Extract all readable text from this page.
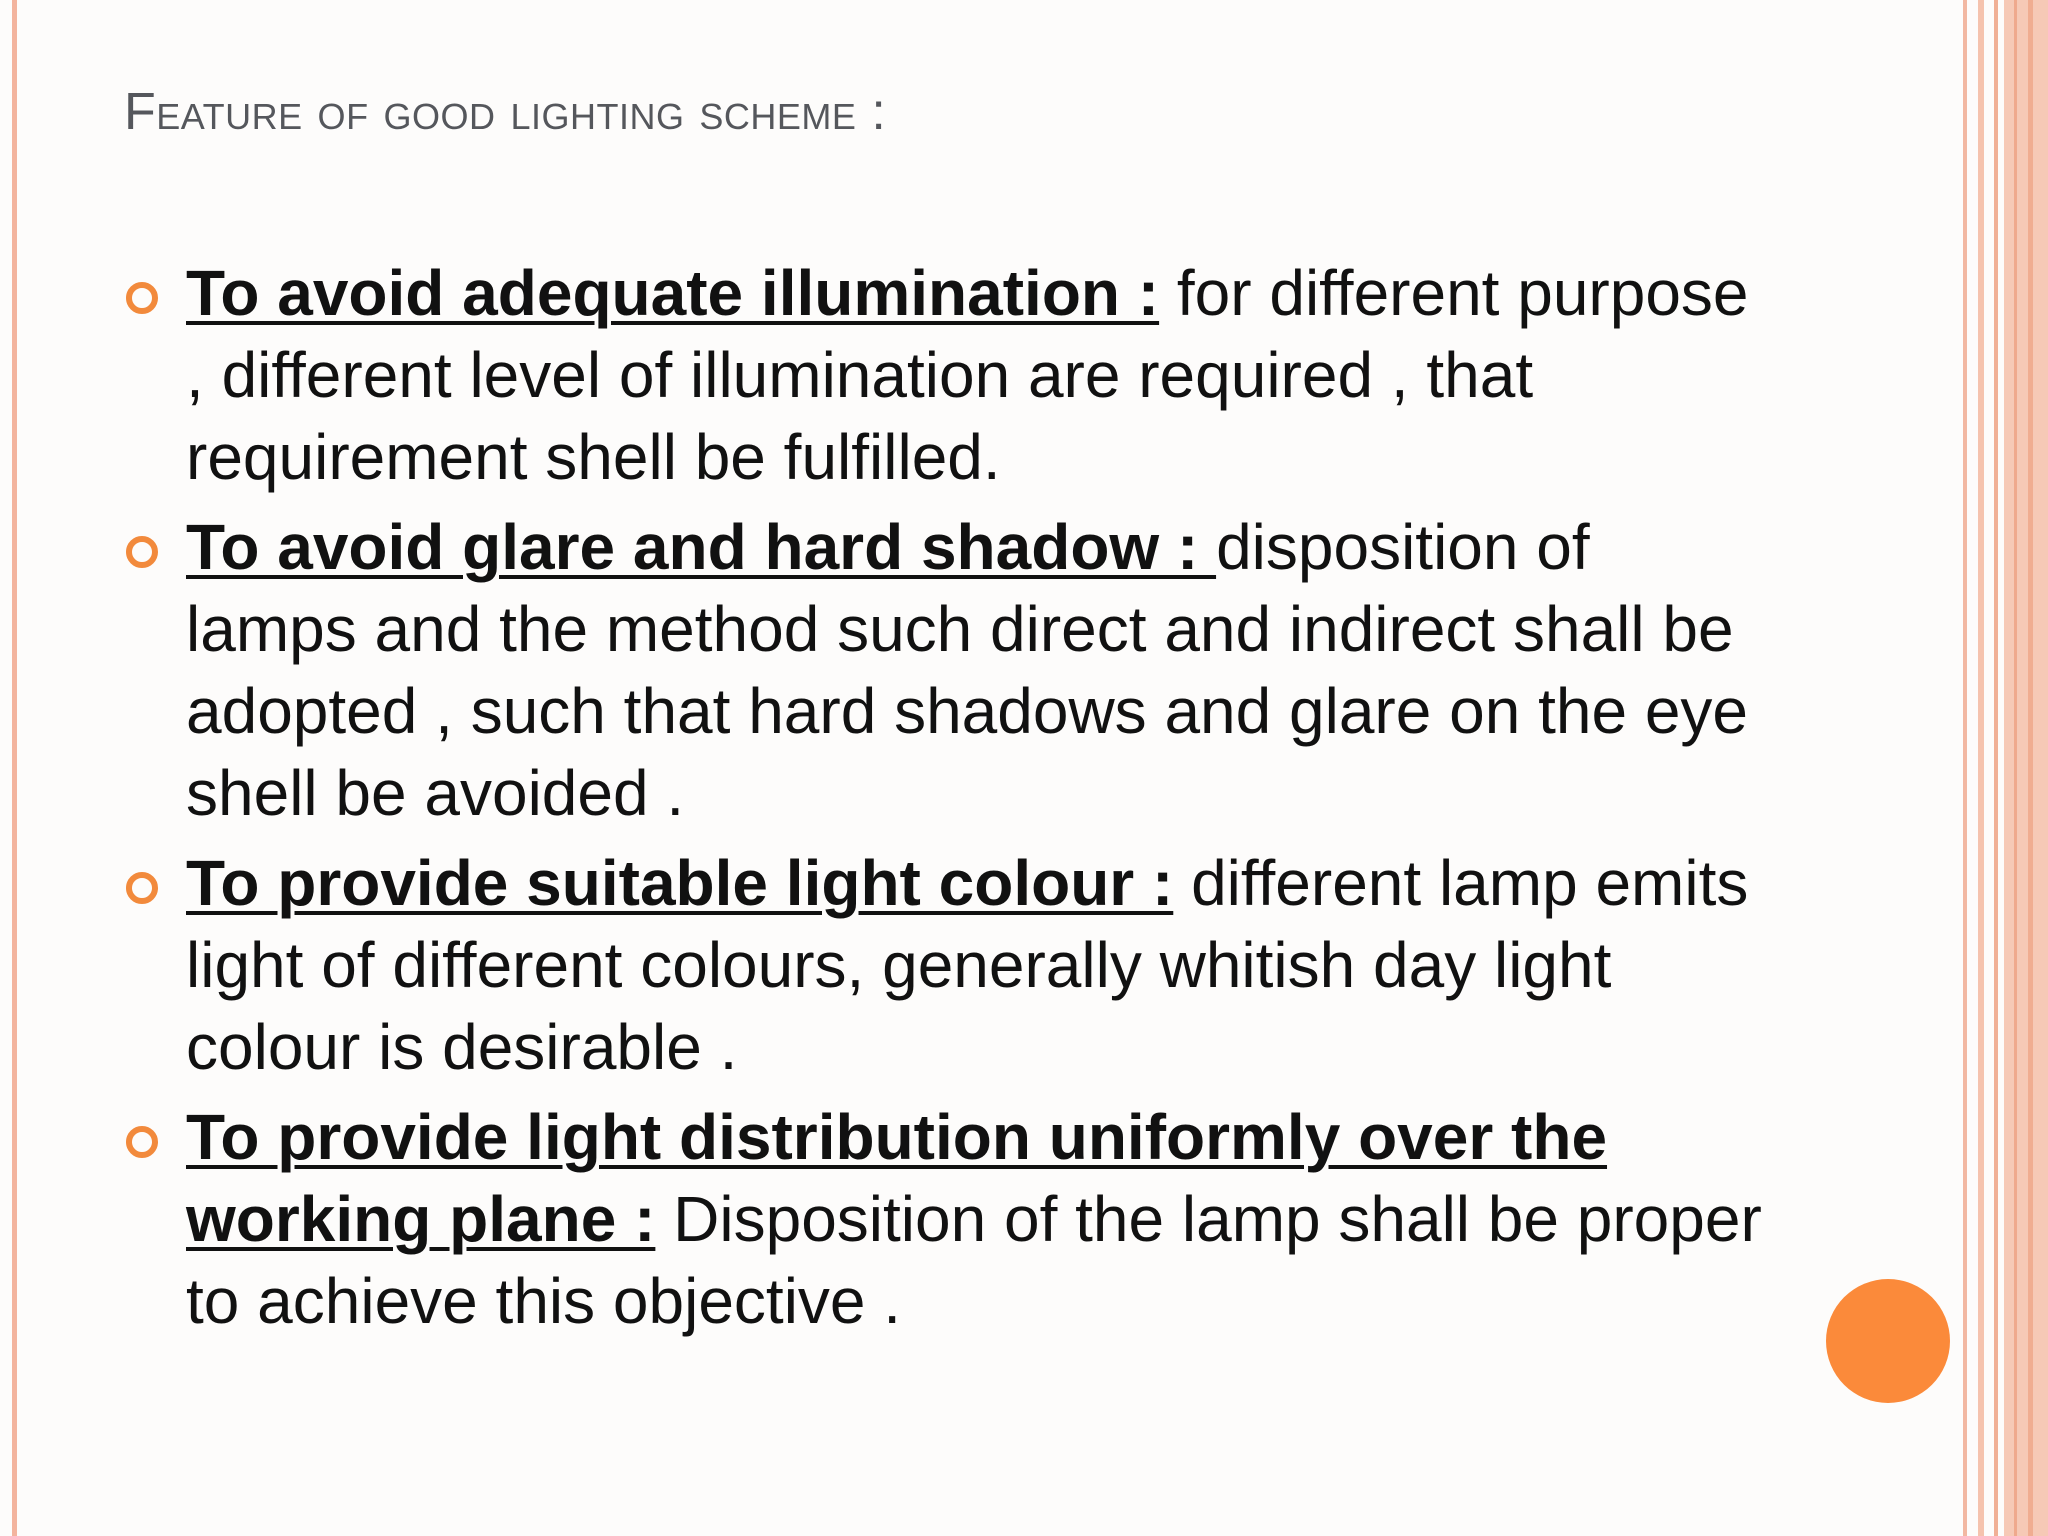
Feature of good lighting scheme :
To avoid adequate illumination : for different purpose , different level of illumination are required , that requirement shell be fulfilled.
To avoid glare and hard shadow : disposition of lamps and the method such direct and indirect shall be adopted , such that hard shadows and glare on the eye shell be avoided .
To provide suitable light colour : different lamp emits light of different colours, generally whitish day light colour is desirable .
To provide light distribution uniformly over the working plane : Disposition of the lamp shall be proper to achieve this objective .
